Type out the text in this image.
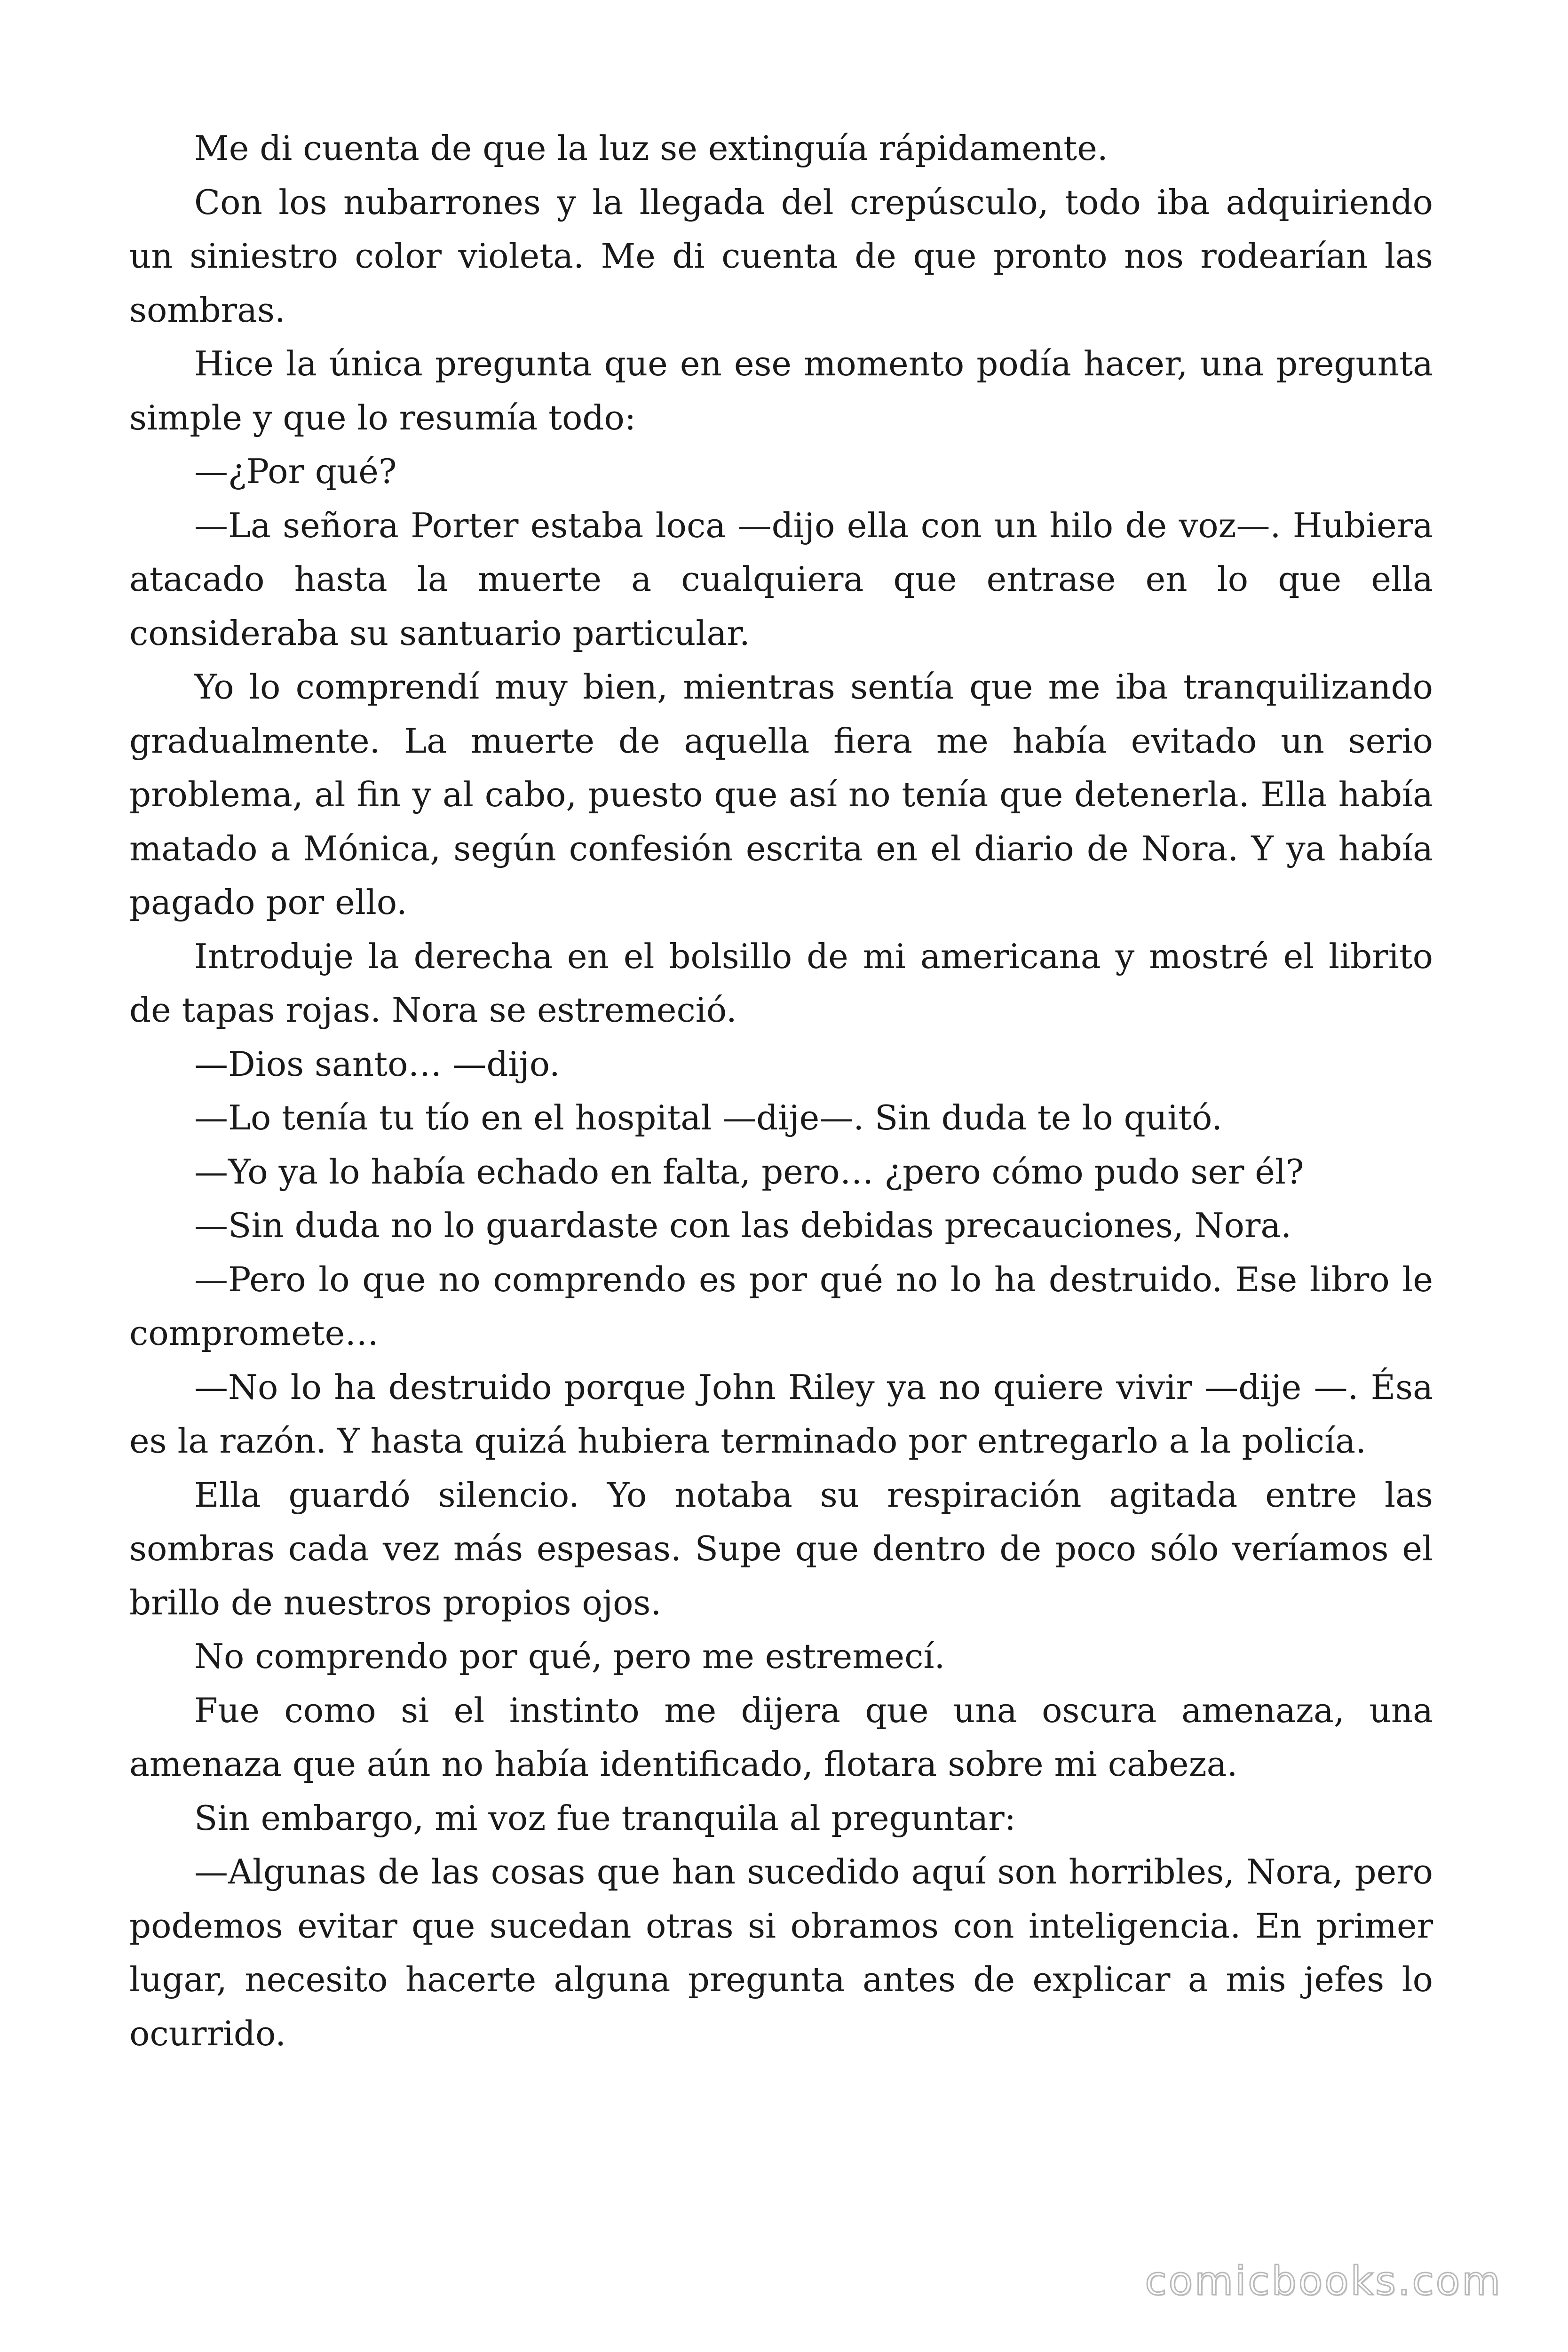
Me di cuenta de que la luz se extinguía rápidamente.

Con los nubarrones y la llegada del crepúsculo, todo iba adquiriendo un siniestro color violeta. Me di cuenta de que pronto nos rodearían las sombras.

Hice la única pregunta que en ese momento podía hacer, una pregunta simple y que lo resumía todo:

—¿Por qué?

—La señora Porter estaba loca —dijo ella con un hilo de voz—. Hubiera atacado hasta la muerte a cualquiera que entrase en lo que ella consideraba su santuario particular.

Yo lo comprendí muy bien, mientras sentía que me iba tranquilizando gradualmente. La muerte de aquella fiera me había evitado un serio problema, al fin y al cabo, puesto que así no tenía que detenerla. Ella había matado a Mónica, según confesión escrita en el diario de Nora. Y ya había pagado por ello.

Introduje la derecha en el bolsillo de mi americana y mostré el librito de tapas rojas. Nora se estremeció.

—Dios santo… —dijo.

—Lo tenía tu tío en el hospital —dije—. Sin duda te lo quitó.

—Yo ya lo había echado en falta, pero… ¿pero cómo pudo ser él?

—Sin duda no lo guardaste con las debidas precauciones, Nora.

—Pero lo que no comprendo es por qué no lo ha destruido. Ese libro le compromete…

—No lo ha destruido porque John Riley ya no quiere vivir —dije —. Ésa es la razón. Y hasta quizá hubiera terminado por entregarlo a la policía.

Ella guardó silencio. Yo notaba su respiración agitada entre las sombras cada vez más espesas. Supe que dentro de poco sólo veríamos el brillo de nuestros propios ojos.

No comprendo por qué, pero me estremecí.

Fue como si el instinto me dijera que una oscura amenaza, una amenaza que aún no había identificado, flotara sobre mi cabeza.

Sin embargo, mi voz fue tranquila al preguntar:

—Algunas de las cosas que han sucedido aquí son horribles, Nora, pero podemos evitar que sucedan otras si obramos con inteligencia. En primer lugar, necesito hacerte alguna pregunta antes de explicar a mis jefes lo ocurrido.

comicbooks.com
